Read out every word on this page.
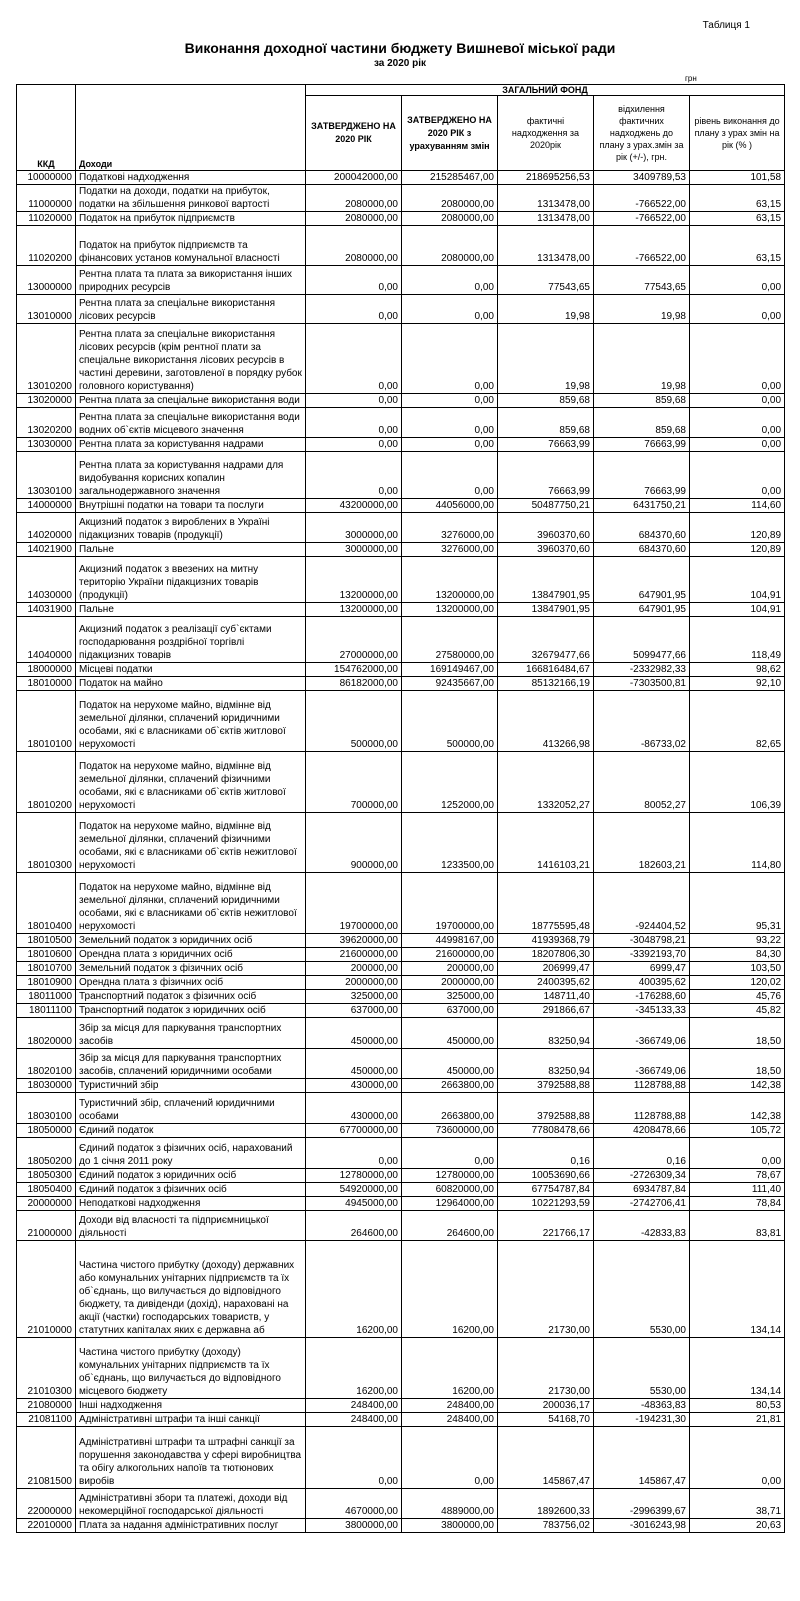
Таблиця 1
Виконання доходної частини бюджету Вишневої міської ради
за 2020 рік
грн
ККД	Доходи	ЗАГАЛЬНИЙ ФОНД				
		ЗАТВЕРДЖЕНО НА 2020 РІК	ЗАТВЕРДЖЕНО НА 2020 РІК з урахуванням змін	фактичні надходження за 2020рік	відхилення фактичних надходжень до плану з урах.змін за рік (+/-), грн.	рівень виконання до плану з урах змін на рік (% )
10000000	Податкові надходження	200042000,00	215285467,00	218695256,53	3409789,53	101,58
11000000	Податки на доходи, податки на прибуток, податки на збільшення ринкової вартості	2080000,00	2080000,00	1313478,00	-766522,00	63,15
11020000	Податок на прибуток підприємств	2080000,00	2080000,00	1313478,00	-766522,00	63,15
11020200	Податок на прибуток підприємств та фінансових установ комунальної власності	2080000,00	2080000,00	1313478,00	-766522,00	63,15
13000000	Рентна плата та плата за використання інших природних ресурсів	0,00	0,00	77543,65	77543,65	0,00
13010000	Рентна плата за спеціальне використання лісових ресурсів	0,00	0,00	19,98	19,98	0,00
13010200	Рентна плата за спеціальне використання лісових ресурсів (крім рентної плати за спеціальне використання лісових ресурсів в частині деревини, заготовленої в порядку рубок головного користування)	0,00	0,00	19,98	19,98	0,00
13020000	Рентна плата за спеціальне використання води	0,00	0,00	859,68	859,68	0,00
13020200	Рентна плата за спеціальне використання води водних об`єктів місцевого значення	0,00	0,00	859,68	859,68	0,00
13030000	Рентна плата за користування надрами	0,00	0,00	76663,99	76663,99	0,00
13030100	Рентна плата за користування надрами для видобування корисних копалин загальнодержавного значення	0,00	0,00	76663,99	76663,99	0,00
14000000	Внутрішні податки на товари та послуги	43200000,00	44056000,00	50487750,21	6431750,21	114,60
14020000	Акцизний податок з вироблених в Україні підакцизних товарів (продукції)	3000000,00	3276000,00	3960370,60	684370,60	120,89
14021900	Пальне	3000000,00	3276000,00	3960370,60	684370,60	120,89
14030000	Акцизний податок з ввезених на митну територію України підакцизних товарів (продукції)	13200000,00	13200000,00	13847901,95	647901,95	104,91
14031900	Пальне	13200000,00	13200000,00	13847901,95	647901,95	104,91
14040000	Акцизний податок з реалізації суб`єктами господарювання роздрібної торгівлі підакцизних товарів	27000000,00	27580000,00	32679477,66	5099477,66	118,49
18000000	Місцеві податки	154762000,00	169149467,00	166816484,67	-2332982,33	98,62
18010000	Податок на майно	86182000,00	92435667,00	85132166,19	-7303500,81	92,10
18010100	Податок на нерухоме майно, відмінне від земельної ділянки, сплачений юридичними особами, які є власниками об`єктів житлової нерухомості	500000,00	500000,00	413266,98	-86733,02	82,65
18010200	Податок на нерухоме майно, відмінне від земельної ділянки, сплачений фізичними особами, які є власниками об`єктів житлової нерухомості	700000,00	1252000,00	1332052,27	80052,27	106,39
18010300	Податок на нерухоме майно, відмінне від земельної ділянки, сплачений фізичними особами, які є власниками об`єктів нежитлової нерухомості	900000,00	1233500,00	1416103,21	182603,21	114,80
18010400	Податок на нерухоме майно, відмінне від земельної ділянки, сплачений юридичними особами, які є власниками об`єктів нежитлової нерухомості	19700000,00	19700000,00	18775595,48	-924404,52	95,31
18010500	Земельний податок з юридичних осіб	39620000,00	44998167,00	41939368,79	-3048798,21	93,22
18010600	Орендна плата з юридичних осіб	21600000,00	21600000,00	18207806,30	-3392193,70	84,30
18010700	Земельний податок з фізичних осіб	200000,00	200000,00	206999,47	6999,47	103,50
18010900	Орендна плата з фізичних осіб	2000000,00	2000000,00	2400395,62	400395,62	120,02
18011000	Транспортний податок з фізичних осіб	325000,00	325000,00	148711,40	-176288,60	45,76
18011100	Транспортний податок з юридичних осіб	637000,00	637000,00	291866,67	-345133,33	45,82
18020000	Збір за місця для паркування транспортних засобів	450000,00	450000,00	83250,94	-366749,06	18,50
18020100	Збір за місця для паркування транспортних засобів, сплачений юридичними особами	450000,00	450000,00	83250,94	-366749,06	18,50
18030000	Туристичний збір	430000,00	2663800,00	3792588,88	1128788,88	142,38
18030100	Туристичний збір, сплачений юридичними особами	430000,00	2663800,00	3792588,88	1128788,88	142,38
18050000	Єдиний податок	67700000,00	73600000,00	77808478,66	4208478,66	105,72
18050200	Єдиний податок з фізичних осіб, нарахований до 1 січня 2011 року	0,00	0,00	0,16	0,16	0,00
18050300	Єдиний податок з юридичних осіб	12780000,00	12780000,00	10053690,66	-2726309,34	78,67
18050400	Єдиний податок з фізичних осіб	54920000,00	60820000,00	67754787,84	6934787,84	111,40
20000000	Неподаткові надходження	4945000,00	12964000,00	10221293,59	-2742706,41	78,84
21000000	Доходи від власності та підприємницької діяльності	264600,00	264600,00	221766,17	-42833,83	83,81
21010000	Частина чистого прибутку (доходу) державних або комунальних унітарних підприємств та їх об`єднань, що вилучається до відповідного бюджету, та дивіденди (дохід), нараховані на акції (частки) господарських товариств, у статутних капіталах яких є державна аб	16200,00	16200,00	21730,00	5530,00	134,14
21010300	Частина чистого прибутку (доходу) комунальних унітарних підприємств та їх об`єднань, що вилучається до відповідного місцевого бюджету	16200,00	16200,00	21730,00	5530,00	134,14
21080000	Інші надходження	248400,00	248400,00	200036,17	-48363,83	80,53
21081100	Адміністративні штрафи та інші санкції	248400,00	248400,00	54168,70	-194231,30	21,81
21081500	Адміністративні штрафи та штрафні санкції за порушення законодавства у сфері виробництва та обігу алкогольних напоїв та тютюнових виробів	0,00	0,00	145867,47	145867,47	0,00
22000000	Адміністративні збори та платежі, доходи від некомерційної господарської діяльності	4670000,00	4889000,00	1892600,33	-2996399,67	38,71
22010000	Плата за надання адміністративних послуг	3800000,00	3800000,00	783756,02	-3016243,98	20,63
